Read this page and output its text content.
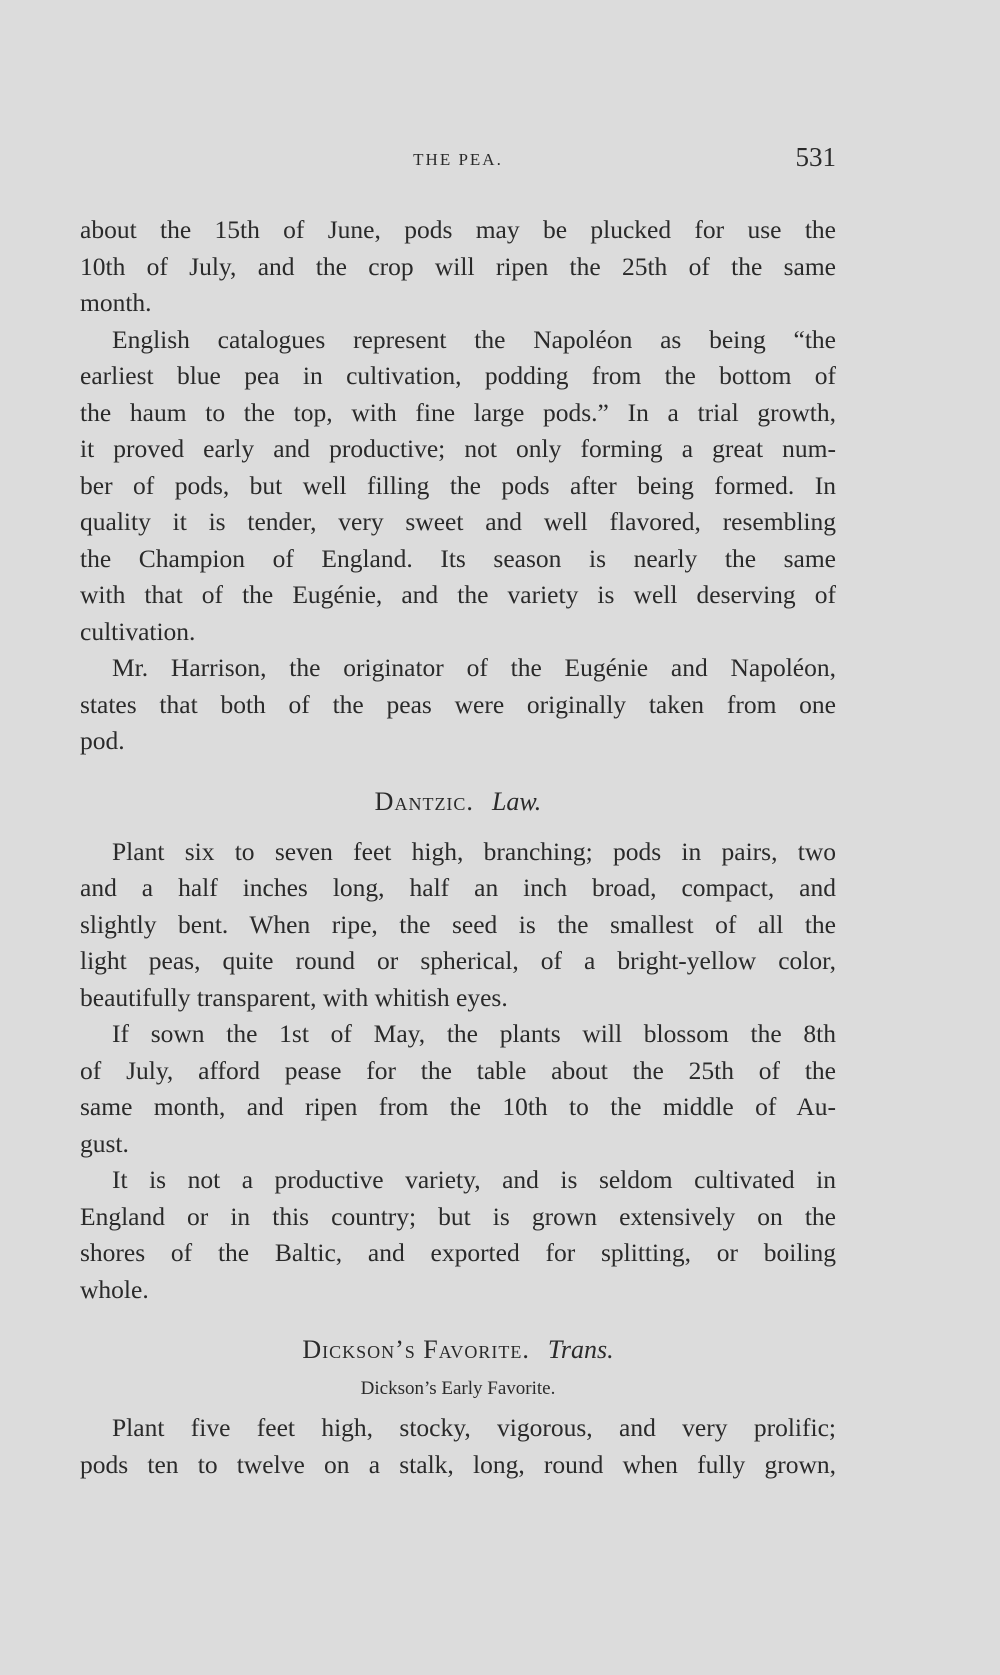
THE PEA.	531
about the 15th of June, pods may be plucked for use the
10th of July, and the crop will ripen the 25th of the same
month.
English catalogues represent the Napoléon as being “the
earliest blue pea in cultivation, podding from the bottom of
the haum to the top, with fine large pods.” In a trial growth,
it proved early and productive; not only forming a great num-
ber of pods, but well filling the pods after being formed. In
quality it is tender, very sweet and well flavored, resembling
the Champion of England. Its season is nearly the same
with that of the Eugénie, and the variety is well deserving of
cultivation.
Mr. Harrison, the originator of the Eugénie and Napoléon,
states that both of the peas were originally taken from one
pod.
Dantzic. Law.
Plant six to seven feet high, branching; pods in pairs, two
and a half inches long, half an inch broad, compact, and
slightly bent. When ripe, the seed is the smallest of all the
light peas, quite round or spherical, of a bright-yellow color,
beautifully transparent, with whitish eyes.
If sown the 1st of May, the plants will blossom the 8th
of July, afford pease for the table about the 25th of the
same month, and ripen from the 10th to the middle of Au-
gust.
It is not a productive variety, and is seldom cultivated in
England or in this country; but is grown extensively on the
shores of the Baltic, and exported for splitting, or boiling
whole.
Dickson’s Favorite. Trans.
Dickson’s Early Favorite.
Plant five feet high, stocky, vigorous, and very prolific;
pods ten to twelve on a stalk, long, round when fully grown,
